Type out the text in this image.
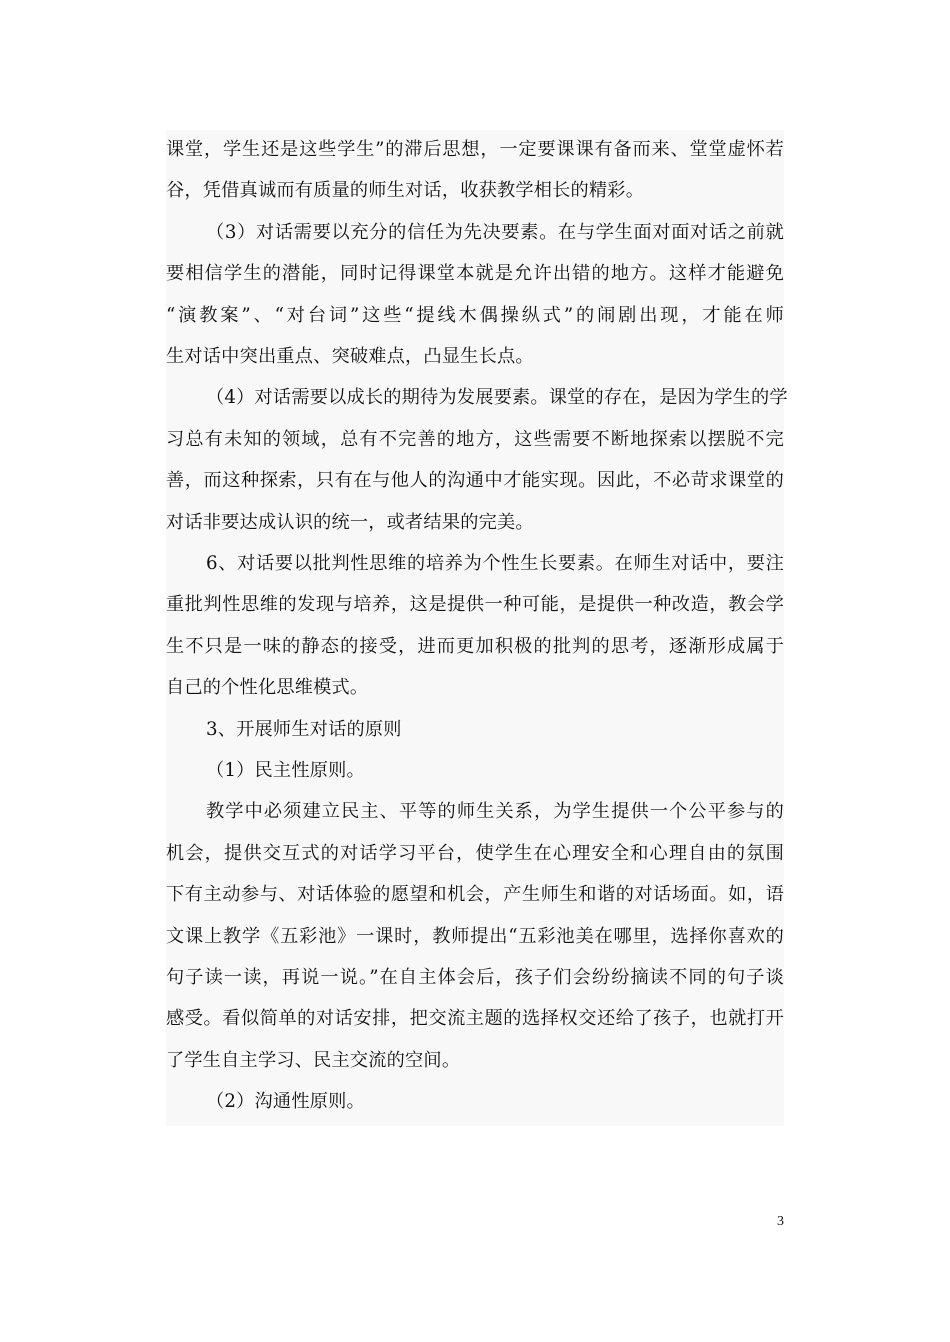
课堂，学生还是这些学生”的滞后思想，一定要课课有备而来、堂堂虚怀若
谷，凭借真诚而有质量的师生对话，收获教学相长的精彩。
（3）对话需要以充分的信任为先决要素。在与学生面对面对话之前就
要相信学生的潜能，同时记得课堂本就是允许出错的地方。这样才能避免
“演教案”、“对台词”这些“提线木偶操纵式”的闹剧出现，才能在师
生对话中突出重点、突破难点，凸显生长点。
（4）对话需要以成长的期待为发展要素。课堂的存在，是因为学生的学
习总有未知的领域，总有不完善的地方，这些需要不断地探索以摆脱不完
善，而这种探索，只有在与他人的沟通中才能实现。因此，不必苛求课堂的
对话非要达成认识的统一，或者结果的完美。
6、对话要以批判性思维的培养为个性生长要素。在师生对话中，要注
重批判性思维的发现与培养，这是提供一种可能，是提供一种改造，教会学
生不只是一味的静态的接受，进而更加积极的批判的思考，逐渐形成属于
自己的个性化思维模式。
3、开展师生对话的原则
（1）民主性原则。
教学中必须建立民主、平等的师生关系，为学生提供一个公平参与的
机会，提供交互式的对话学习平台，使学生在心理安全和心理自由的氛围
下有主动参与、对话体验的愿望和机会，产生师生和谐的对话场面。如，语
文课上教学《五彩池》一课时，教师提出“五彩池美在哪里，选择你喜欢的
句子读一读，再说一说。”在自主体会后，孩子们会纷纷摘读不同的句子谈
感受。看似简单的对话安排，把交流主题的选择权交还给了孩子，也就打开
了学生自主学习、民主交流的空间。
（2）沟通性原则。
3
